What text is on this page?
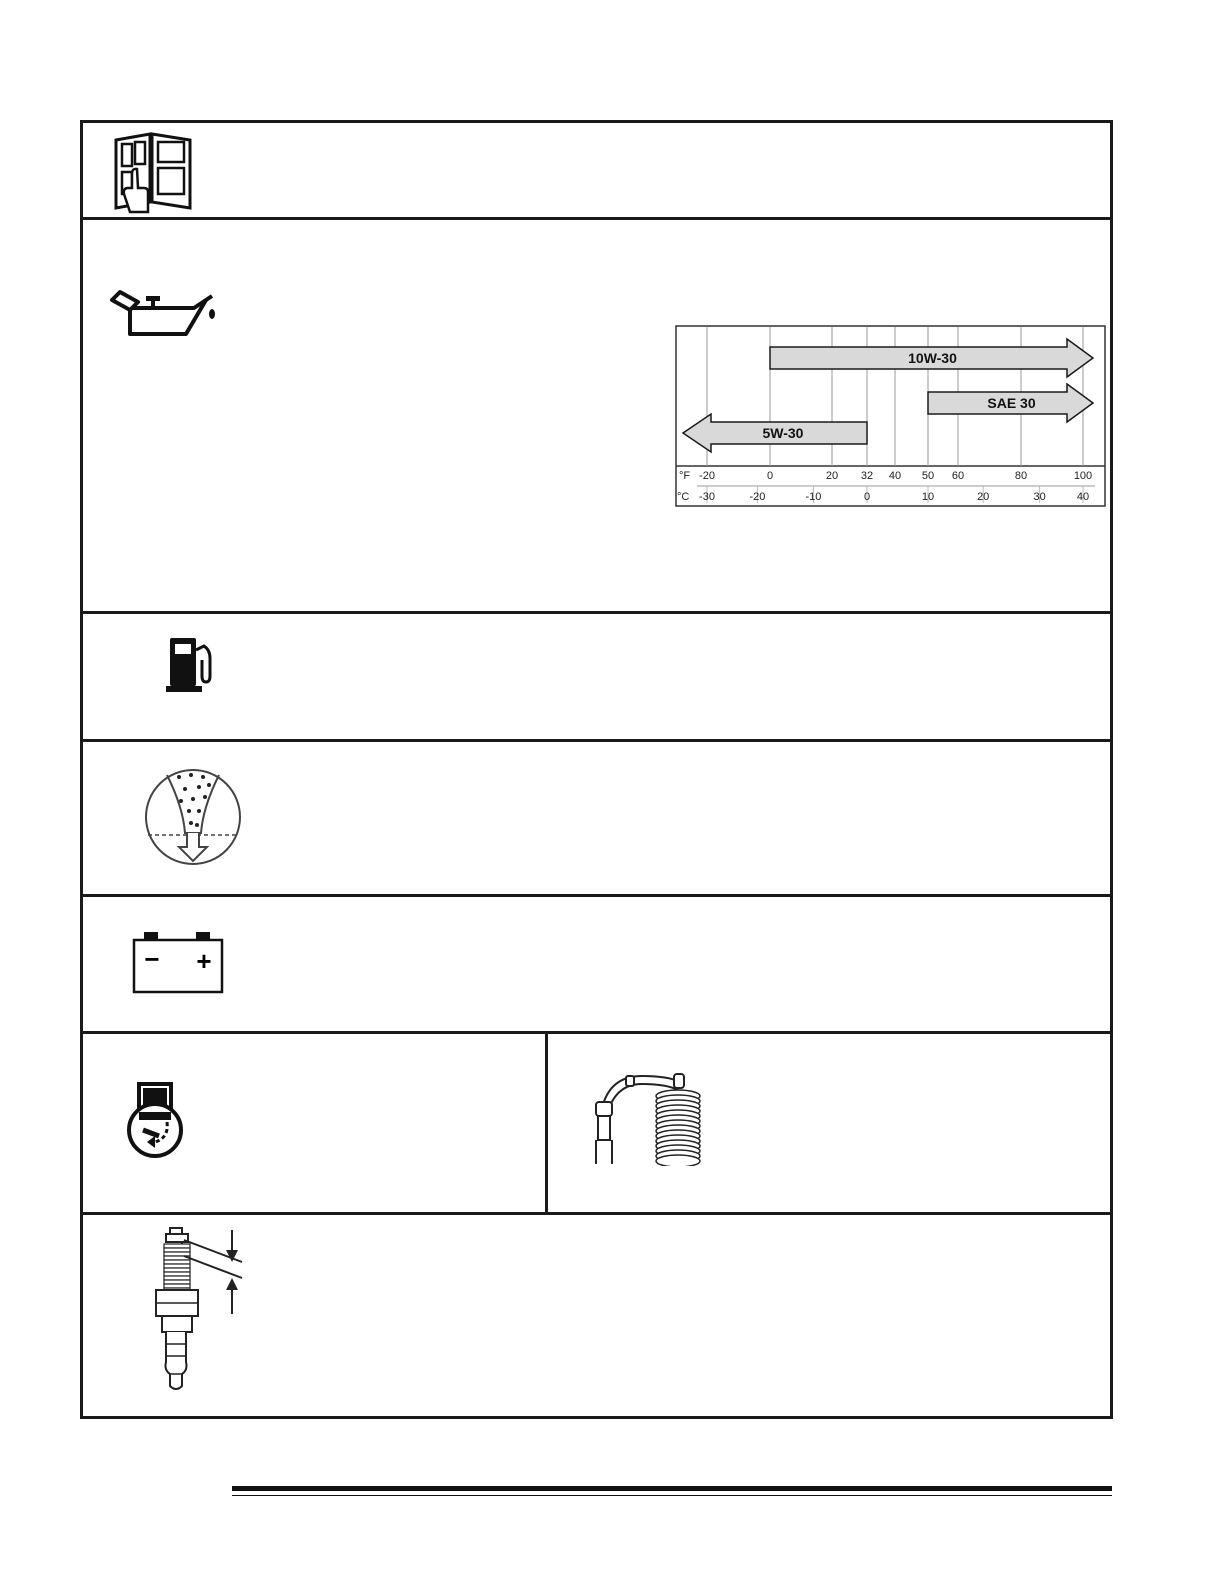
10W-30
SAE 30
5W-30
°F -20	0	20 32 40 50 60	80	100
°C -30	-20	-10	0	10	20	30	40
− +
